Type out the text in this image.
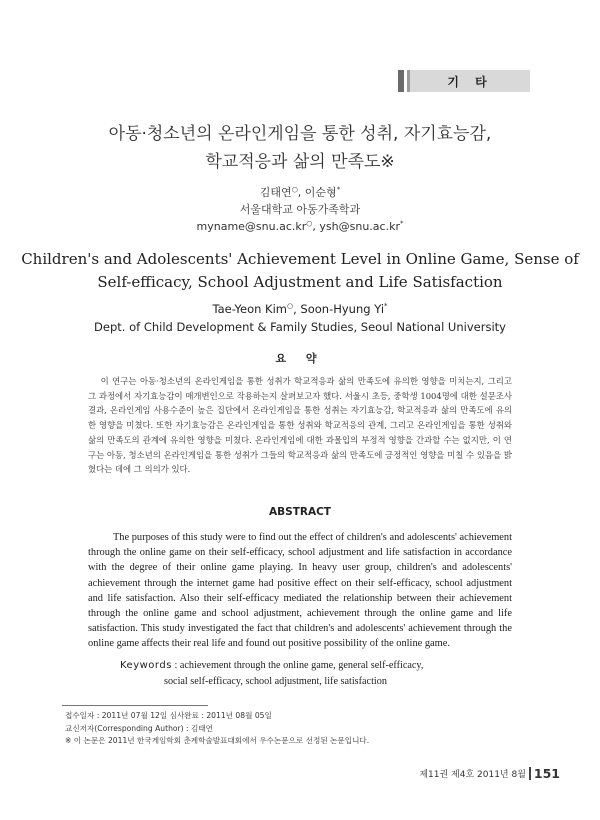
기 타
아동·청소년의 온라인게임을 통한 성취, 자기효능감,
학교적응과 삶의 만족도※
김태연○, 이순형*
서울대학교 아동가족학과
myname@snu.ac.kr○, ysh@snu.ac.kr*
Children's and Adolescents' Achievement Level in Online Game, Sense of
Self-efficacy, School Adjustment and Life Satisfaction
Tae-Yeon Kim○, Soon-Hyung Yi*
Dept. of Child Development & Family Studies, Seoul National University
요 약
이 연구는 아동·청소년의 온라인게임을 통한 성취가 학교적응과 삶의 만족도에 유의한 영향을 미치는지, 그리고 그 과정에서 자기효능감이 매개변인으로 작용하는지 살펴보고자 했다. 서울시 초등, 중학생 1004명에 대한 설문조사 결과, 온라인게임 사용수준이 높은 집단에서 온라인게임을 통한 성취는 자기효능감, 학교적응과 삶의 만족도에 유의한 영향을 미쳤다. 또한 자기효능감은 온라인게임을 통한 성취와 학교적응의 관계, 그리고 온라인게임을 통한 성취와 삶의 만족도의 관계에 유의한 영향을 미쳤다. 온라인게임에 대한 과몰입의 부정적 영향을 간과할 수는 없지만, 이 연구는 아동, 청소년의 온라인게임을 통한 성취가 그들의 학교적응과 삶의 만족도에 긍정적인 영향을 미칠 수 있음을 밝혔다는 데에 그 의의가 있다.
ABSTRACT
The purposes of this study were to find out the effect of children's and adolescents' achievement through the online game on their self-efficacy, school adjustment and life satisfaction in accordance with the degree of their online game playing. In heavy user group, children's and adolescents' achievement through the internet game had positive effect on their self-efficacy, school adjustment and life satisfaction. Also their self-efficacy mediated the relationship between their achievement through the online game and school adjustment, achievement through the online game and life satisfaction. This study investigated the fact that children's and adolescents' achievement through the online game affects their real life and found out positive possibility of the online game.
Keywords : achievement through the online game, general self-efficacy,
social self-efficacy, school adjustment, life satisfaction
접수일자 : 2011년 07월 12일 심사완료 : 2011년 08월 05일
교신저자(Corresponding Author) : 김태연
※ 이 논문은 2011년 한국게임학회 춘계학술발표대회에서 우수논문으로 선정된 논문입니다.
제11권 제4호 2011년 8월 151
